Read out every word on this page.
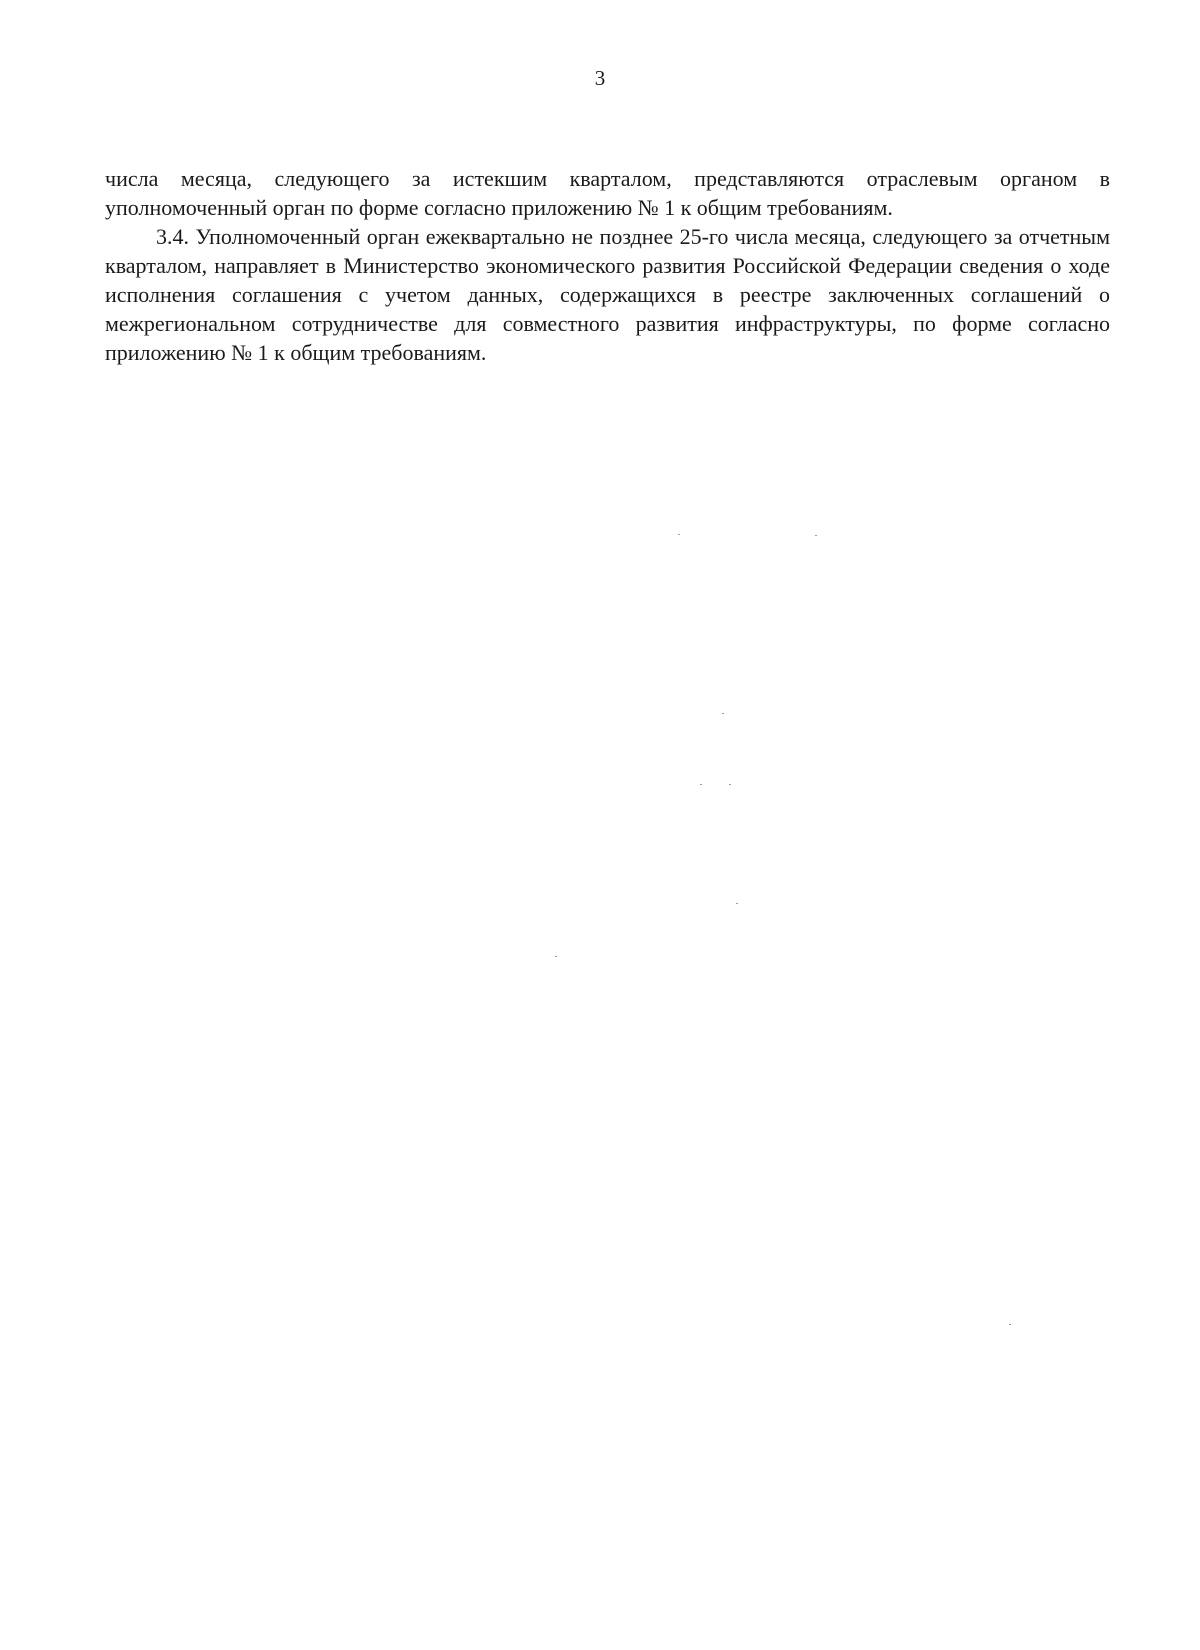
3

числа месяца, следующего за истекшим кварталом, представляются отраслевым органом в уполномоченный орган по форме согласно приложению № 1 к общим требованиям.

3.4. Уполномоченный орган ежеквартально не позднее 25-го числа месяца, следующего за отчетным кварталом, направляет в Министерство экономического развития Российской Федерации сведения о ходе исполнения соглашения с учетом данных, содержащихся в реестре заключенных соглашений о межрегиональном сотрудничестве для совместного развития инфраструктуры, по форме согласно приложению № 1 к общим требованиям.
